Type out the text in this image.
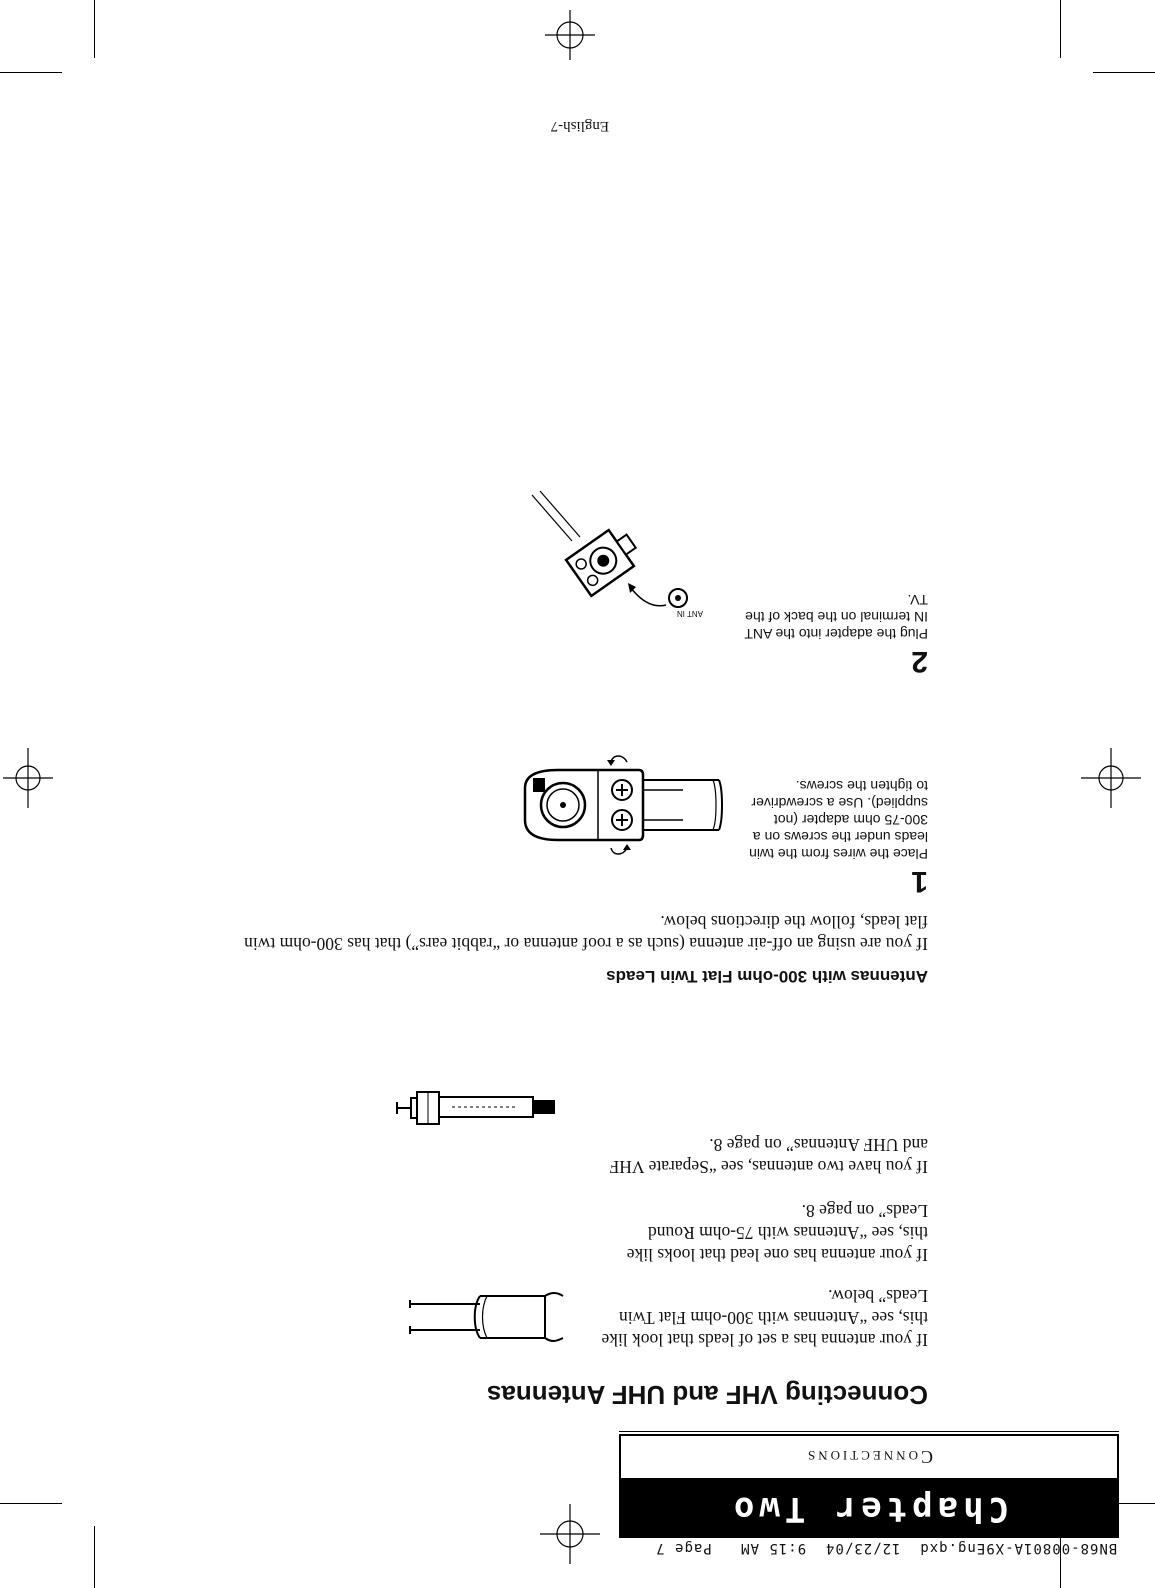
BN68-00801A-X9Eng.qxd  12/23/04  9:15 AM   Page 7

Chapter Two
Connections
Connecting VHF and UHF Antennas
If your antenna has a set of leads that look like this, see “Antennas with 300-ohm Flat Twin Leads” below.
If your antenna has one lead that looks like this, see “Antennas with 75-ohm Round Leads” on page 8.
If you have two antennas, see “Separate VHF and UHF Antennas” on page 8.
Antennas with 300-ohm Flat Twin Leads
If you are using an off-air antenna (such as a roof antenna or “rabbit ears”) that has 300-ohm twin flat leads, follow the directions below.
1
Place the wires from the twin leads under the screws on a 300-75 ohm adapter (not supplied). Use a screwdriver to tighten the screws.
2
Plug the adapter into the ANT IN terminal on the back of the TV.
ANT IN
English-7
